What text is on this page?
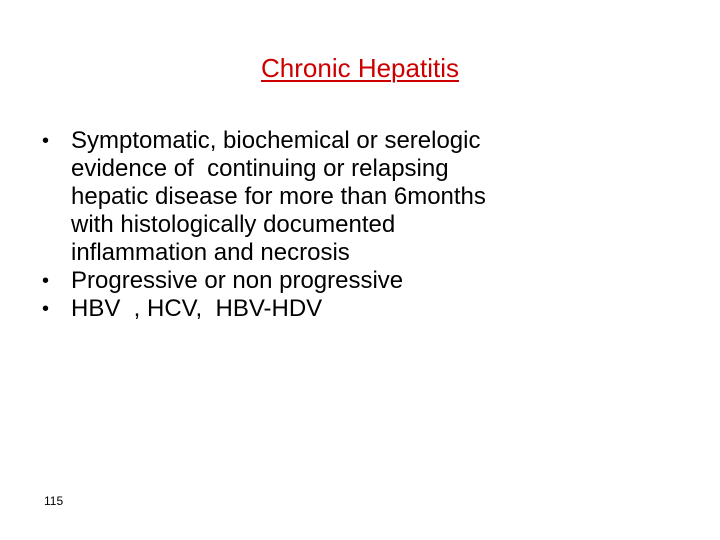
Chronic Hepatitis
• Symptomatic, biochemical or serelogic
evidence of  continuing or relapsing
hepatic disease for more than 6months
with histologically documented
inflammation and necrosis
• Progressive or non progressive
• HBV  , HCV,  HBV-HDV
115
